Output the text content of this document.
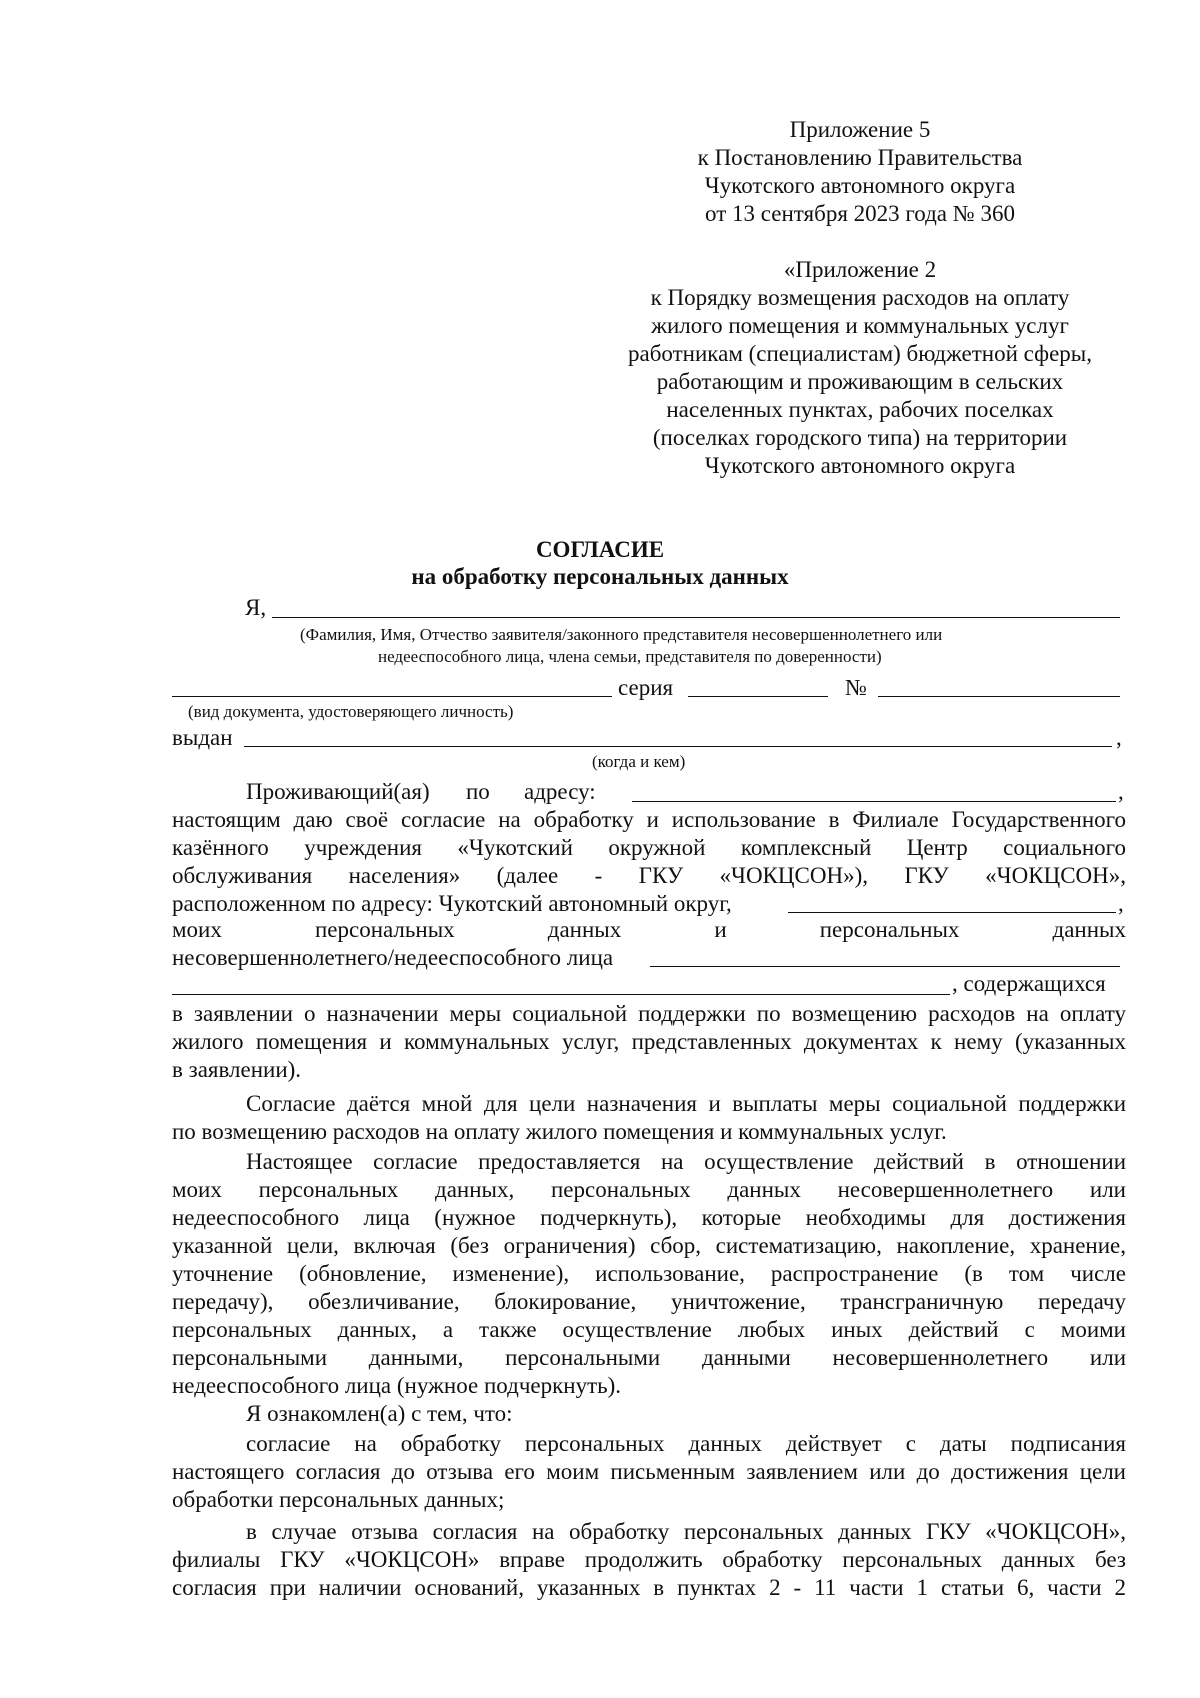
Приложение 5
к Постановлению Правительства
Чукотского автономного округа
от 13 сентября 2023 года № 360
«Приложение 2
к Порядку возмещения расходов на оплату
жилого помещения и коммунальных услуг
работникам (специалистам) бюджетной сферы,
работающим и проживающим в сельских
населенных пунктах, рабочих поселках
(поселках городского типа) на территории
Чукотского автономного округа
СОГЛАСИЕ
на обработку персональных данных
Я,
(Фамилия, Имя, Отчество заявителя/законного представителя несовершеннолетнего или
недееспособного лица, члена семьи, представителя по доверенности)
серия	№
(вид документа, удостоверяющего личность)
выдан	,
(когда и кем)
Проживающий(ая) по адресу:	,
настоящим даю своё согласие на обработку и использование в Филиале Государственного
казённого учреждения «Чукотский окружной комплексный Центр социального
обслуживания населения» (далее - ГКУ «ЧОКЦСОН»), ГКУ «ЧОКЦСОН»,
расположенном по адресу: Чукотский автономный округ,	,
моих	персональных	данных	и	персональных	данных
несовершеннолетнего/недееспособного лица
, содержащихся
в заявлении о назначении меры социальной поддержки по возмещению расходов на оплату
жилого помещения и коммунальных услуг, представленных документах к нему (указанных
в заявлении).
Согласие даётся мной для цели назначения и выплаты меры социальной поддержки
по возмещению расходов на оплату жилого помещения и коммунальных услуг.
Настоящее согласие предоставляется на осуществление действий в отношении
моих персональных данных, персональных данных несовершеннолетнего или
недееспособного лица (нужное подчеркнуть), которые необходимы для достижения
указанной цели, включая (без ограничения) сбор, систематизацию, накопление, хранение,
уточнение (обновление, изменение), использование, распространение (в том числе
передачу), обезличивание, блокирование, уничтожение, трансграничную передачу
персональных данных, а также осуществление любых иных действий с моими
персональными данными, персональными данными несовершеннолетнего или
недееспособного лица (нужное подчеркнуть).
Я ознакомлен(а) с тем, что:
согласие на обработку персональных данных действует с даты подписания
настоящего согласия до отзыва его моим письменным заявлением или до достижения цели
обработки персональных данных;
в случае отзыва согласия на обработку персональных данных ГКУ «ЧОКЦСОН»,
филиалы ГКУ «ЧОКЦСОН» вправе продолжить обработку персональных данных без
согласия при наличии оснований, указанных в пунктах 2 - 11 части 1 статьи 6, части 2
